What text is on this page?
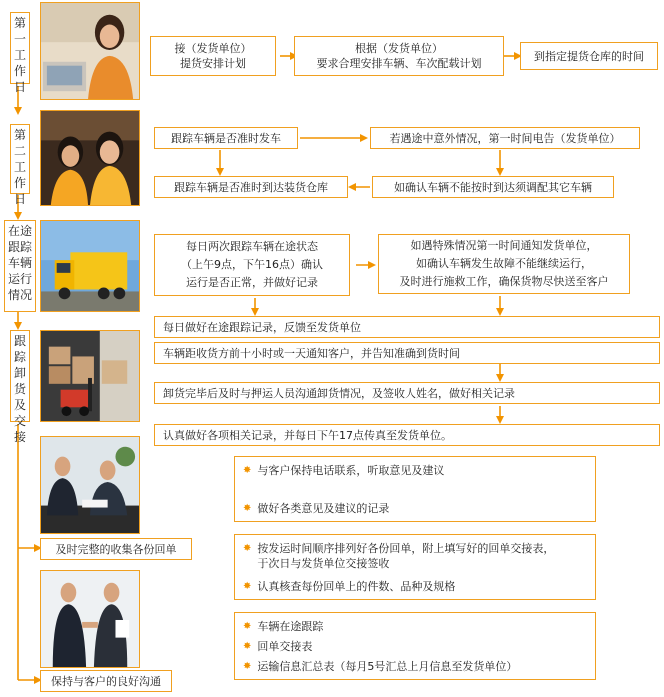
第一工作日
第二工作日
在途跟踪车辆运行情况
跟踪卸货及交接
接（发货单位）
提货安排计划
根据（发货单位）
要求合理安排车辆、车次配载计划
到指定提货仓库的时间
跟踪车辆是否准时发车	若遇途中意外情况，第一时间电告（发货单位）
跟踪车辆是否准时到达装货仓库	如确认车辆不能按时到达须调配其它车辆
每日两次跟踪车辆在途状态
（上午9点，下午16点）确认
运行是否正常，并做好记录
如遇特殊情况第一时间通知发货单位，
如确认车辆发生故障不能继续运行，
及时进行施救工作，确保货物尽快送至客户
每日做好在途跟踪记录，反馈至发货单位
车辆距收货方前十小时或一天通知客户，并告知准确到货时间
卸货完毕后及时与押运人员沟通卸货情况，及签收人姓名，做好相关记录
认真做好各项相关记录，并每日下午17点传真至发货单位。
及时完整的收集各份回单
保持与客户的良好沟通
✸ 与客户保持电话联系，听取意见及建议
✸ 做好各类意见及建议的记录
✸ 按发运时间顺序排列好各份回单，附上填写好的回单交接表，
于次日与发货单位交接签收
✸ 认真核查每份回单上的件数、品种及规格
✸ 车辆在途跟踪
✸ 回单交接表
✸ 运输信息汇总表（每月5号汇总上月信息至发货单位）
